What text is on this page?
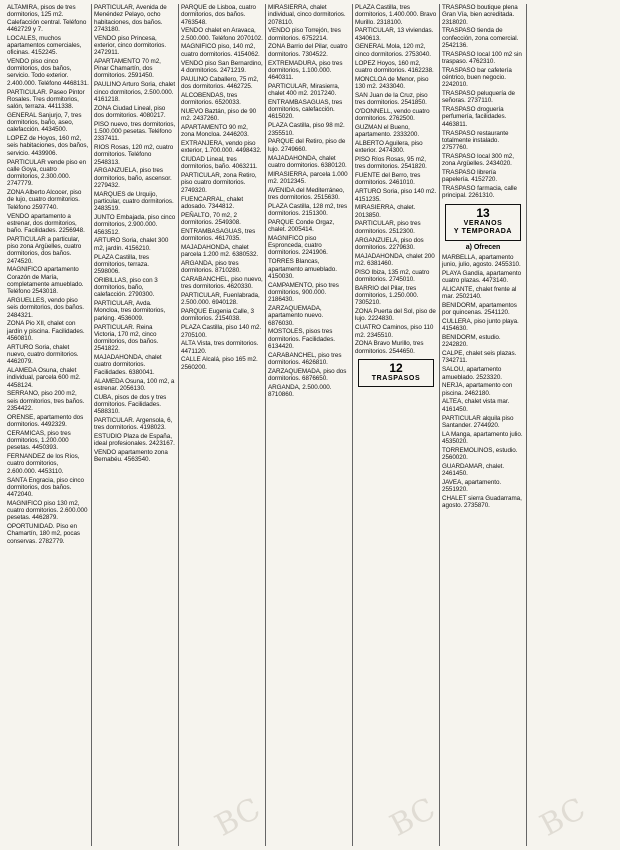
ALTAMIRA, pisos de tres dormitorios, 125 m2. Calefacción central. Teléfono 4462729 y 7.

LOCALES, muchos apartamentos comerciales, oficinas. 4152245.

VENDO piso cinco dormitorios, dos baños, servicio. Todo exterior. 2.400.000. Teléfono 4468131.

PARTICULAR. Paseo Pintor Rosales. Tres dormitorios, salón, terraza. 4411338.

GENERAL Sanjurjo, 7, tres dormitorios, baño, aseo, calefacción. 4434500.

LOPEZ de Hoyos, 160 m2, seis habitaciones, dos baños, servicio. 4439906.

PARTICULAR vende piso en calle Goya, cuatro dormitorios, 2.300.000. 2747779.

ZONA Alberto Alcocer, piso de lujo, cuatro dormitorios. Teléfono 2597740.

VENDO apartamento a estrenar, dos dormitorios, baño. Facilidades. 2256948.

PARTICULAR a particular, piso zona Argüelles, cuatro dormitorios, dos baños. 2474520.

MAGNIFICO apartamento Corazón de María, completamente amueblado. Teléfono 2543018.

ARGUELLES, vendo piso seis dormitorios, dos baños. 2484321.

ZONA Pio XII, chalet con jardín y piscina. Facilidades. 4560810.

ARTURO Soria, chalet nuevo, cuatro dormitorios. 4462079.

ALAMEDA Osuna, chalet individual, parcela 600 m2. 4458124.

SERRANO, piso 200 m2, seis dormitorios, tres baños. 2354422.

ORENSE, apartamento dos dormitorios. 4492329.

CERAMICAS, piso tres dormitorios, 1.200.000 pesetas. 4450393.

FERNANDEZ de los Ríos, cuatro dormitorios, 2.600.000. 4453110.

SANTA Engracia, piso cinco dormitorios, dos baños. 4472040.

MAGNIFICO piso 130 m2, cuatro dormitorios. 2.600.000 pesetas. 4462879.

OPORTUNIDAD. Piso en Chamartín, 180 m2, pocas conservas. 2782779.

PARTICULAR, Avenida de Menéndez Pelayo, ocho habitaciones, dos baños. 2743180.

VENDO piso Princesa, exterior, cinco dormitorios. 2472911.

APARTAMENTO 70 m2, Pinar Chamartín, dos dormitorios. 2591450.

PAULINO Arturo Soria, chalet cinco dormitorios, 2.500.000. 4161218.

ZONA Ciudad Lineal, piso dos dormitorios. 4080217.

PISO nuevo, tres dormitorios, 1.500.000 pesetas. Teléfono 2337411.

RIOS Rosas, 120 m2, cuatro dormitorios. Teléfono 2548313.

ARGANZUELA, piso tres dormitorios, baño, ascensor. 2279432.

MARQUES de Urquijo, particular, cuatro dormitorios. 2483519.

JUNTO Embajada, piso cinco dormitorios, 2.900.000. 4563512.

ARTURO Soria, chalet 300 m2, jardín. 4156210.

PLAZA Castilla, tres dormitorios, terraza. 2598006.

ORIBILLAS, piso con 3 dormitorios, baño, calefacción. 2790300.

PARTICULAR, Avda. Moncloa, tres dormitorios, parking. 4536009.

PARTICULAR. Reina Victoria, 170 m2, cinco dormitorios, dos baños. 2541822.

MAJADAHONDA, chalet cuatro dormitorios. Facilidades. 6380041.

ALAMEDA Osuna, 100 m2, a estrenar. 2056130.

CUBA, pisos de dos y tres dormitorios. Facilidades. 4588310.

PARTICULAR. Argensola, 6, tres dormitorios. 4198023.

ESTUDIO Plaza de España, ideal profesionales. 2423167.

VENDO apartamento zona Bernabéu. 4563540.

PARQUE de Lisboa, cuatro dormitorios, dos baños. 4763548.

VENDO chalet en Aravaca, 2.500.000. Teléfono 2070102.

MAGNIFICO piso, 140 m2, cuatro dormitorios. 4154062.

VENDO piso San Bernardino, 4 dormitorios. 2471219.

PAULINO Caballero, 75 m2, dos dormitorios. 4462725.

ALCOBENDAS, tres dormitorios. 6520033.

NUEVO Baztán, piso de 90 m2. 2437260.

APARTAMENTO 90 m2, zona Moncloa. 2446203.

EXTRANJERA, vendo piso exterior, 1.700.000. 4498432.

CIUDAD Lineal, tres dormitorios, baño. 4063211.

PARTICULAR, zona Retiro, piso cuatro dormitorios. 2749320.

FUENCARRAL, chalet adosado. 7344812.

PEÑALTO, 70 m2, 2 dormitorios. 2549308.

ENTRAMBASAGUAS, tres dormitorios. 4617035.

MAJADAHONDA, chalet parcela 1.200 m2. 6380532.

ARGANDA, piso tres dormitorios. 8710280.

CARABANCHEL, piso nuevo, tres dormitorios. 4620330.

PARTICULAR, Fuenlabrada, 2.500.000. 6940128.

PARQUE Eugenia Calle, 3 dormitorios. 2154038.

PLAZA Castilla, piso 140 m2. 2705100.

ALTA Vista, tres dormitorios. 4471120.

CALLE Alcalá, piso 165 m2. 2560200.

MIRASIERRA, chalet individual, cinco dormitorios. 2078110.

VENDO piso Torrejón, tres dormitorios. 6752214.

ZONA Barrio del Pilar, cuatro dormitorios. 7304522.

EXTREMADURA, piso tres dormitorios, 1.100.000. 4640311.

PARTICULAR, Mirasierra, chalet 400 m2. 2017240.

ENTRAMBASAGUAS, tres dormitorios, calefacción. 4615020.

PLAZA Castilla, piso 98 m2. 2355510.

PARQUE del Retiro, piso de lujo. 2749660.

MAJADAHONDA, chalet cuatro dormitorios. 6380120.

MIRASIERRA, parcela 1.000 m2. 2012345.

AVENIDA del Mediterráneo, tres dormitorios. 2515630.

PLAZA Castilla, 128 m2, tres dormitorios. 2151300.

PARQUE Conde Orgaz, chalet. 2005414.

MAGNIFICO piso Espronceda, cuatro dormitorios. 2241906.

TORRES Blancas, apartamento amueblado. 4150030.

CAMPAMENTO, piso tres dormitorios, 900.000. 2186430.

ZARZAQUEMADA, apartamento nuevo. 6876030.

MOSTOLES, pisos tres dormitorios. Facilidades. 6134420.

CARABANCHEL, piso tres dormitorios. 4626810.

ZARZAQUEMADA, piso dos dormitorios. 6876650.

ARGANDA, 2.500.000. 8710860.

PLAZA Castilla, tres dormitorios, 1.400.000. Bravo Murillo. 2318100.

PARTICULAR, 13 viviendas. 4340613.

GENERAL Mola, 120 m2, cinco dormitorios. 2753040.

LOPEZ Hoyos, 160 m2, cuatro dormitorios. 4162238.

MONCLOA de Menor, piso 130 m2. 2433040.

SAN Juan de la Cruz, piso tres dormitorios. 2541850.

O'DONNELL, vendo cuatro dormitorios. 2762500.

GUZMAN el Bueno, apartamento. 2333200.

ALBERTO Aguilera, piso exterior. 2474300.

PISO Ríos Rosas, 95 m2, tres dormitorios. 2541820.

FUENTE del Berro, tres dormitorios. 2461010.

ARTURO Soria, piso 140 m2. 4151235.

MIRASIERRA, chalet. 2013850.

PARTICULAR, piso tres dormitorios. 2512300.

ARGANZUELA, piso dos dormitorios. 2279630.

MAJADAHONDA, chalet 200 m2. 6381460.

PISO Ibiza, 135 m2, cuatro dormitorios. 2745010.

BARRIO del Pilar, tres dormitorios, 1.250.000. 7305210.

ZONA Puerta del Sol, piso de lujo. 2224830.

CUATRO Caminos, piso 110 m2. 2345510.

ZONA Bravo Murillo, tres dormitorios. 2544650.

12
TRASPASOS

TRASPASO boutique plena Gran Vía, bien acreditada. 2318020.

TRASPASO tienda de confección, zona comercial. 2542136.

TRASPASO local 100 m2 sin traspaso. 4762310.

TRASPASO bar cafetería céntrico, buen negocio. 2242010.

TRASPASO peluquería de señoras. 2737110.

TRASPASO droguería perfumería, facilidades. 4463811.

TRASPASO restaurante totalmente instalado. 2757760.

TRASPASO local 300 m2, zona Argüelles. 2434020.

TRASPASO librería papelería. 4152720.

TRASPASO farmacia, calle principal. 2261310.

13
VERANOS
Y TEMPORADA
a) Ofrecen

MARBELLA, apartamento junio, julio, agosto. 2455310.

PLAYA Gandía, apartamento cuatro plazas. 4473140.

ALICANTE, chalet frente al mar. 2502140.

BENIDORM, apartamentos por quincenas. 2541120.

CULLERA, piso junto playa. 4154630.

BENIDORM, estudio. 2242820.

CALPE, chalet seis plazas. 7342711.

SALOU, apartamento amueblado. 2523320.

NERJA, apartamento con piscina. 2462180.

ALTEA, chalet vista mar. 4161450.

PARTICULAR alquila piso Santander. 2744920.

LA Manga, apartamento julio. 4535020.

TORREMOLINOS, estudio. 2560020.

GUARDAMAR, chalet. 2461450.

JAVEA, apartamento. 2551920.

CHALET sierra Guadarrama, agosto. 2735870.

BC	BC	BC
